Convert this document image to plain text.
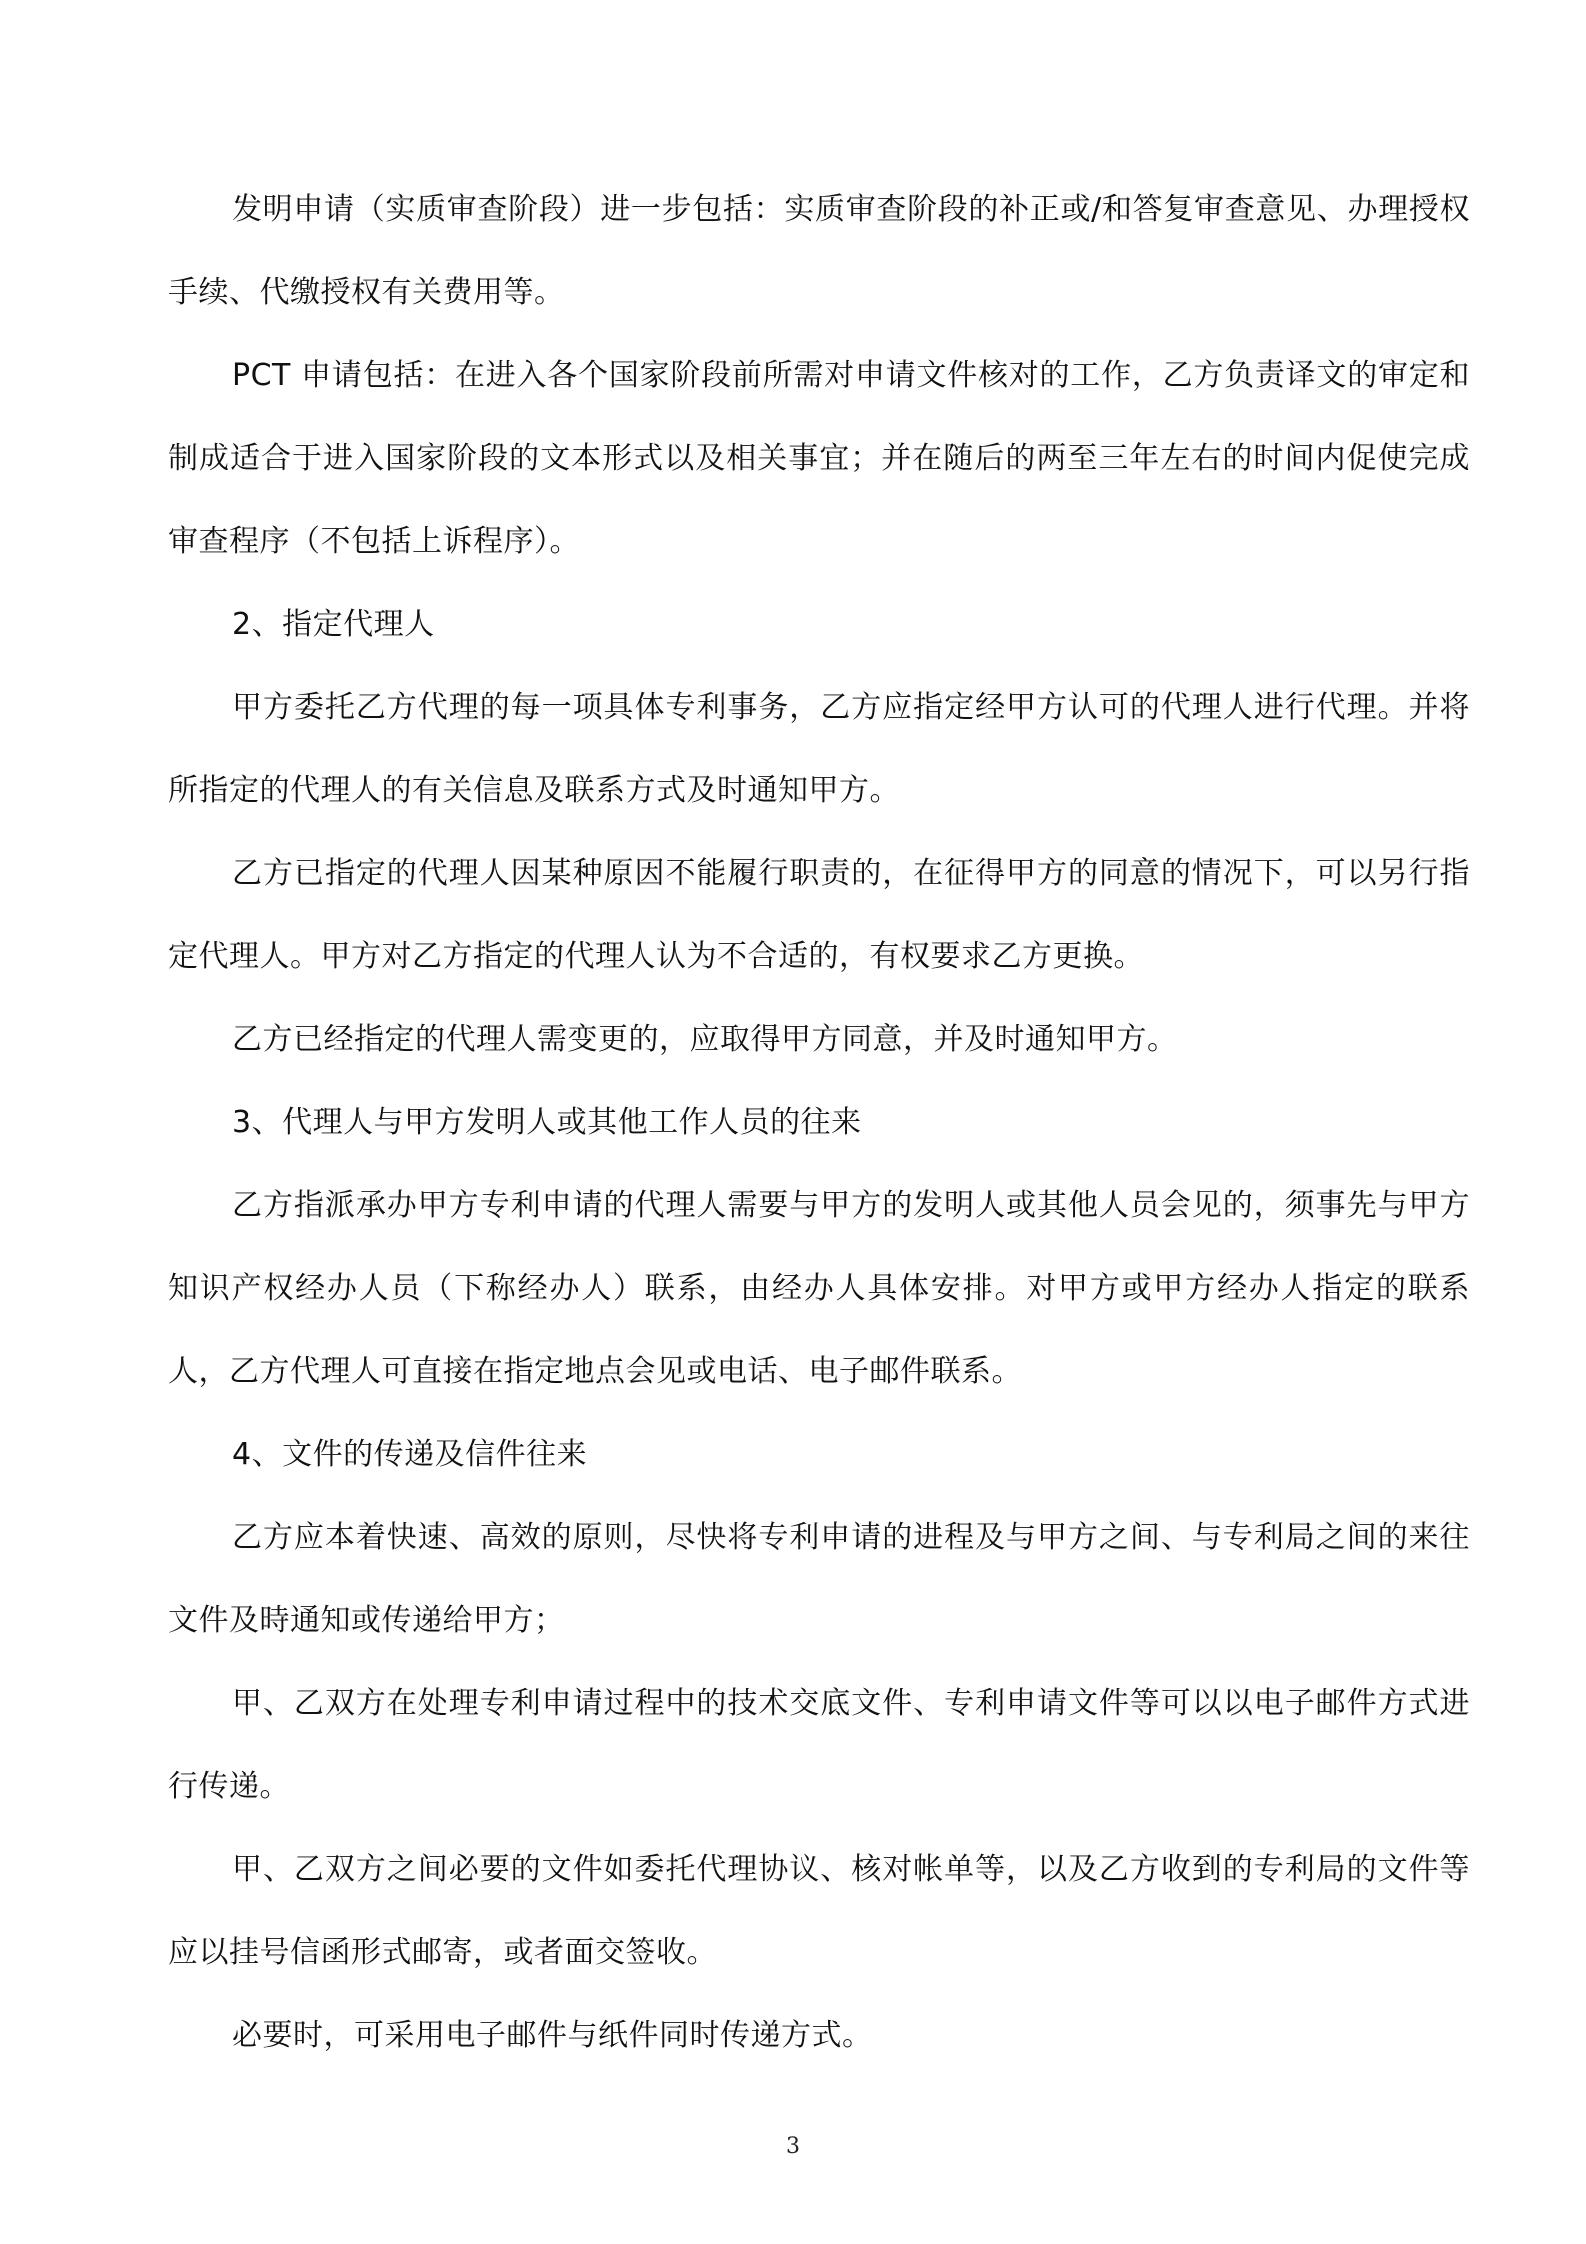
发明申请（实质审查阶段）进一步包括：实质审查阶段的补正或/和答复审查意见、办理授权手续、代缴授权有关费用等。

PCT 申请包括：在进入各个国家阶段前所需对申请文件核对的工作，乙方负责译文的审定和制成适合于进入国家阶段的文本形式以及相关事宜；并在随后的两至三年左右的时间内促使完成审查程序（不包括上诉程序）。

2、指定代理人

甲方委托乙方代理的每一项具体专利事务，乙方应指定经甲方认可的代理人进行代理。并将所指定的代理人的有关信息及联系方式及时通知甲方。

乙方已指定的代理人因某种原因不能履行职责的，在征得甲方的同意的情况下，可以另行指定代理人。甲方对乙方指定的代理人认为不合适的，有权要求乙方更换。

乙方已经指定的代理人需变更的，应取得甲方同意，并及时通知甲方。

3、代理人与甲方发明人或其他工作人员的往来

乙方指派承办甲方专利申请的代理人需要与甲方的发明人或其他人员会见的，须事先与甲方知识产权经办人员（下称经办人）联系，由经办人具体安排。对甲方或甲方经办人指定的联系人，乙方代理人可直接在指定地点会见或电话、电子邮件联系。

4、文件的传递及信件往来

乙方应本着快速、高效的原则，尽快将专利申请的进程及与甲方之间、与专利局之间的来往文件及時通知或传递给甲方；

甲、乙双方在处理专利申请过程中的技术交底文件、专利申请文件等可以以电子邮件方式进行传递。

甲、乙双方之间必要的文件如委托代理协议、核对帐单等，以及乙方收到的专利局的文件等应以挂号信函形式邮寄，或者面交签收。

必要时，可采用电子邮件与纸件同时传递方式。

3
